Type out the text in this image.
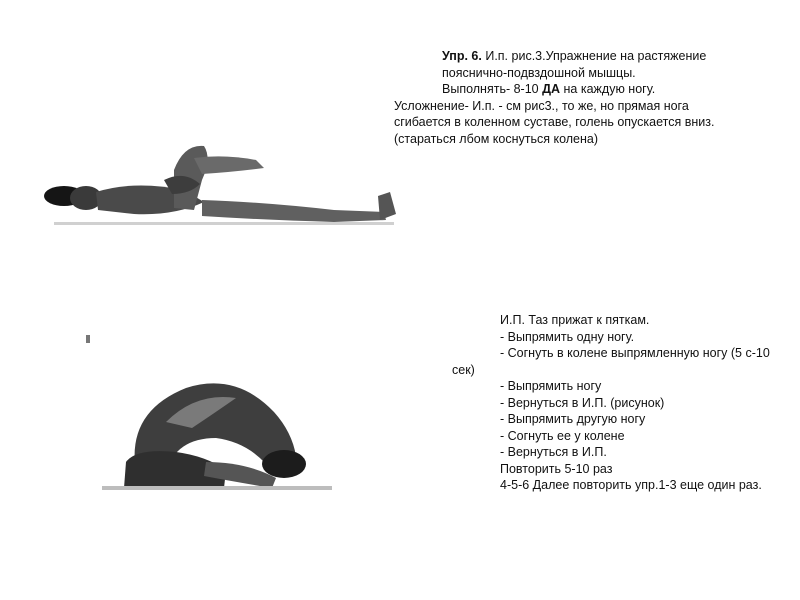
Упр. 6. И.п. рис.3.Упражнение на растяжение пояснично-подвздошной мышцы.

Выполнять- 8-10 ДА на каждую ногу.

Усложнение- И.п. - см рис3., то же, но прямая нога сгибается в коленном суставе, голень опускается вниз. (стараться лбом коснуться колена)

И.П. Таз прижат к пяткам.

- Выпрямить одну ногу.

- Согнуть в колене выпрямленную ногу (5 с-10 сек)

- Выпрямить ногу

- Вернуться в И.П. (рисунок)

- Выпрямить другую ногу

- Согнуть ее у колене

- Вернуться в И.П.

Повторить 5-10 раз

4-5-6 Далее повторить упр.1-3 еще один раз.
